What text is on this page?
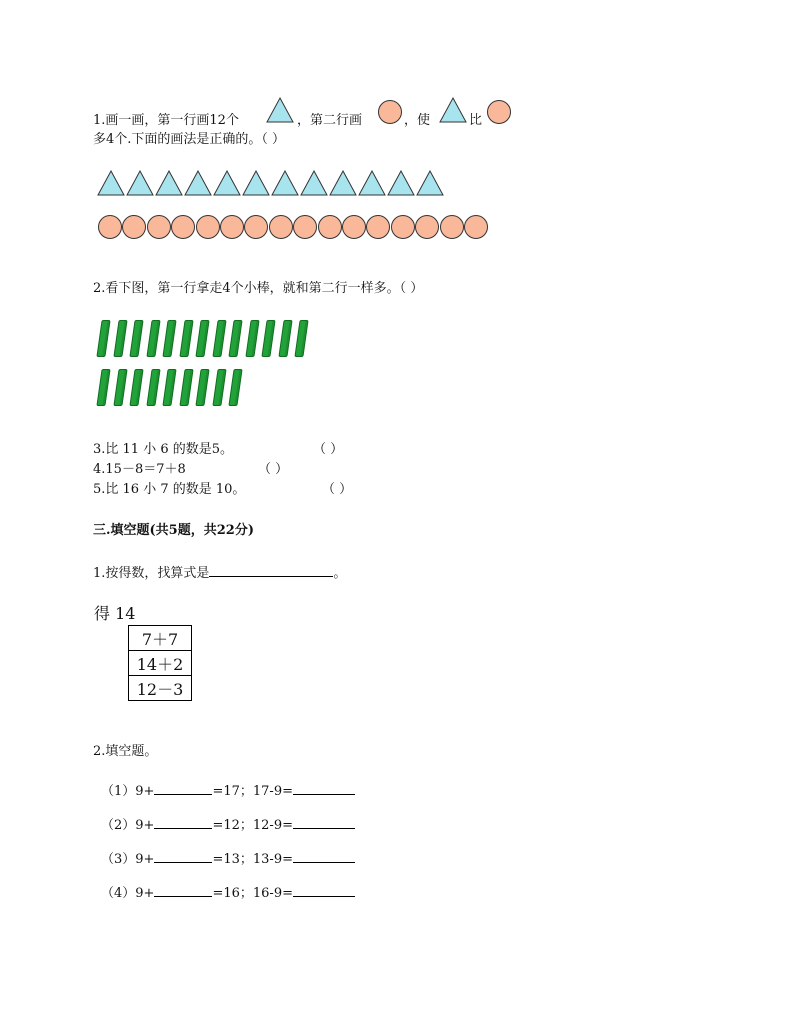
1.画一画，第一行画12个	，第二行画	，使	比
多4个.下面的画法是正确的。（ ）
2.看下图，第一行拿走4个小棒，就和第二行一样多。（ ）
3.比 11 小 6 的数是5。	（ ）
4.15－8＝7＋8	（ ）
5.比 16 小 7 的数是 10。	（ ）
三.填空题(共5题，共22分)
1.按得数，找算式是	。
得 14
7＋7
14＋2
12－3
2.填空题。
（1）9+	=17；17-9=
（2）9+	=12；12-9=
（3）9+	=13；13-9=
（4）9+	=16；16-9=
